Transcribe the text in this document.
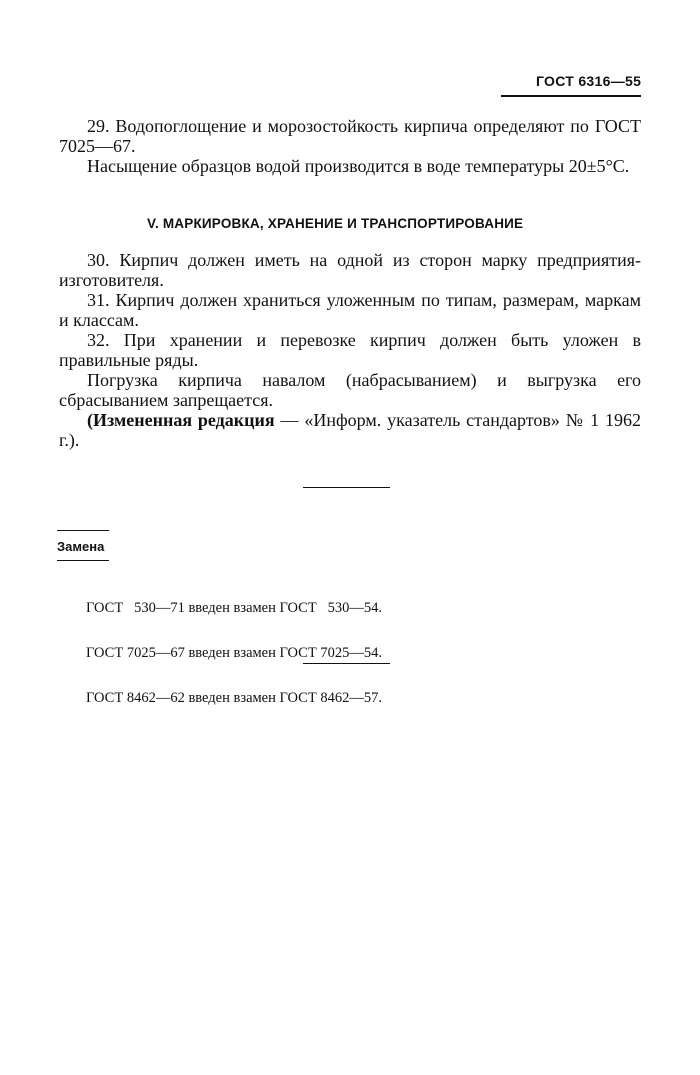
ГОСТ 6316—55

29. Водопоглощение и морозостойкость кирпича определяют по ГОСТ 7025—67.

Насыщение образцов водой производится в воде температуры 20±5°С.

V. МАРКИРОВКА, ХРАНЕНИЕ И ТРАНСПОРТИРОВАНИЕ

30. Кирпич должен иметь на одной из сторон марку предприятия-изготовителя.

31. Кирпич должен храниться уложенным по типам, размерам, маркам и классам.

32. При хранении и перевозке кирпич должен быть уложен в правильные ряды.

Погрузка кирпича навалом (набрасыванием) и выгрузка его сбрасыванием запрещается.

(Измененная редакция — «Информ. указатель стандартов» № 1 1962 г.).

Замена

ГОСТ   530—71 введен взамен ГОСТ   530—54.

ГОСТ 7025—67 введен взамен ГОСТ 7025—54.

ГОСТ 8462—62 введен взамен ГОСТ 8462—57.
